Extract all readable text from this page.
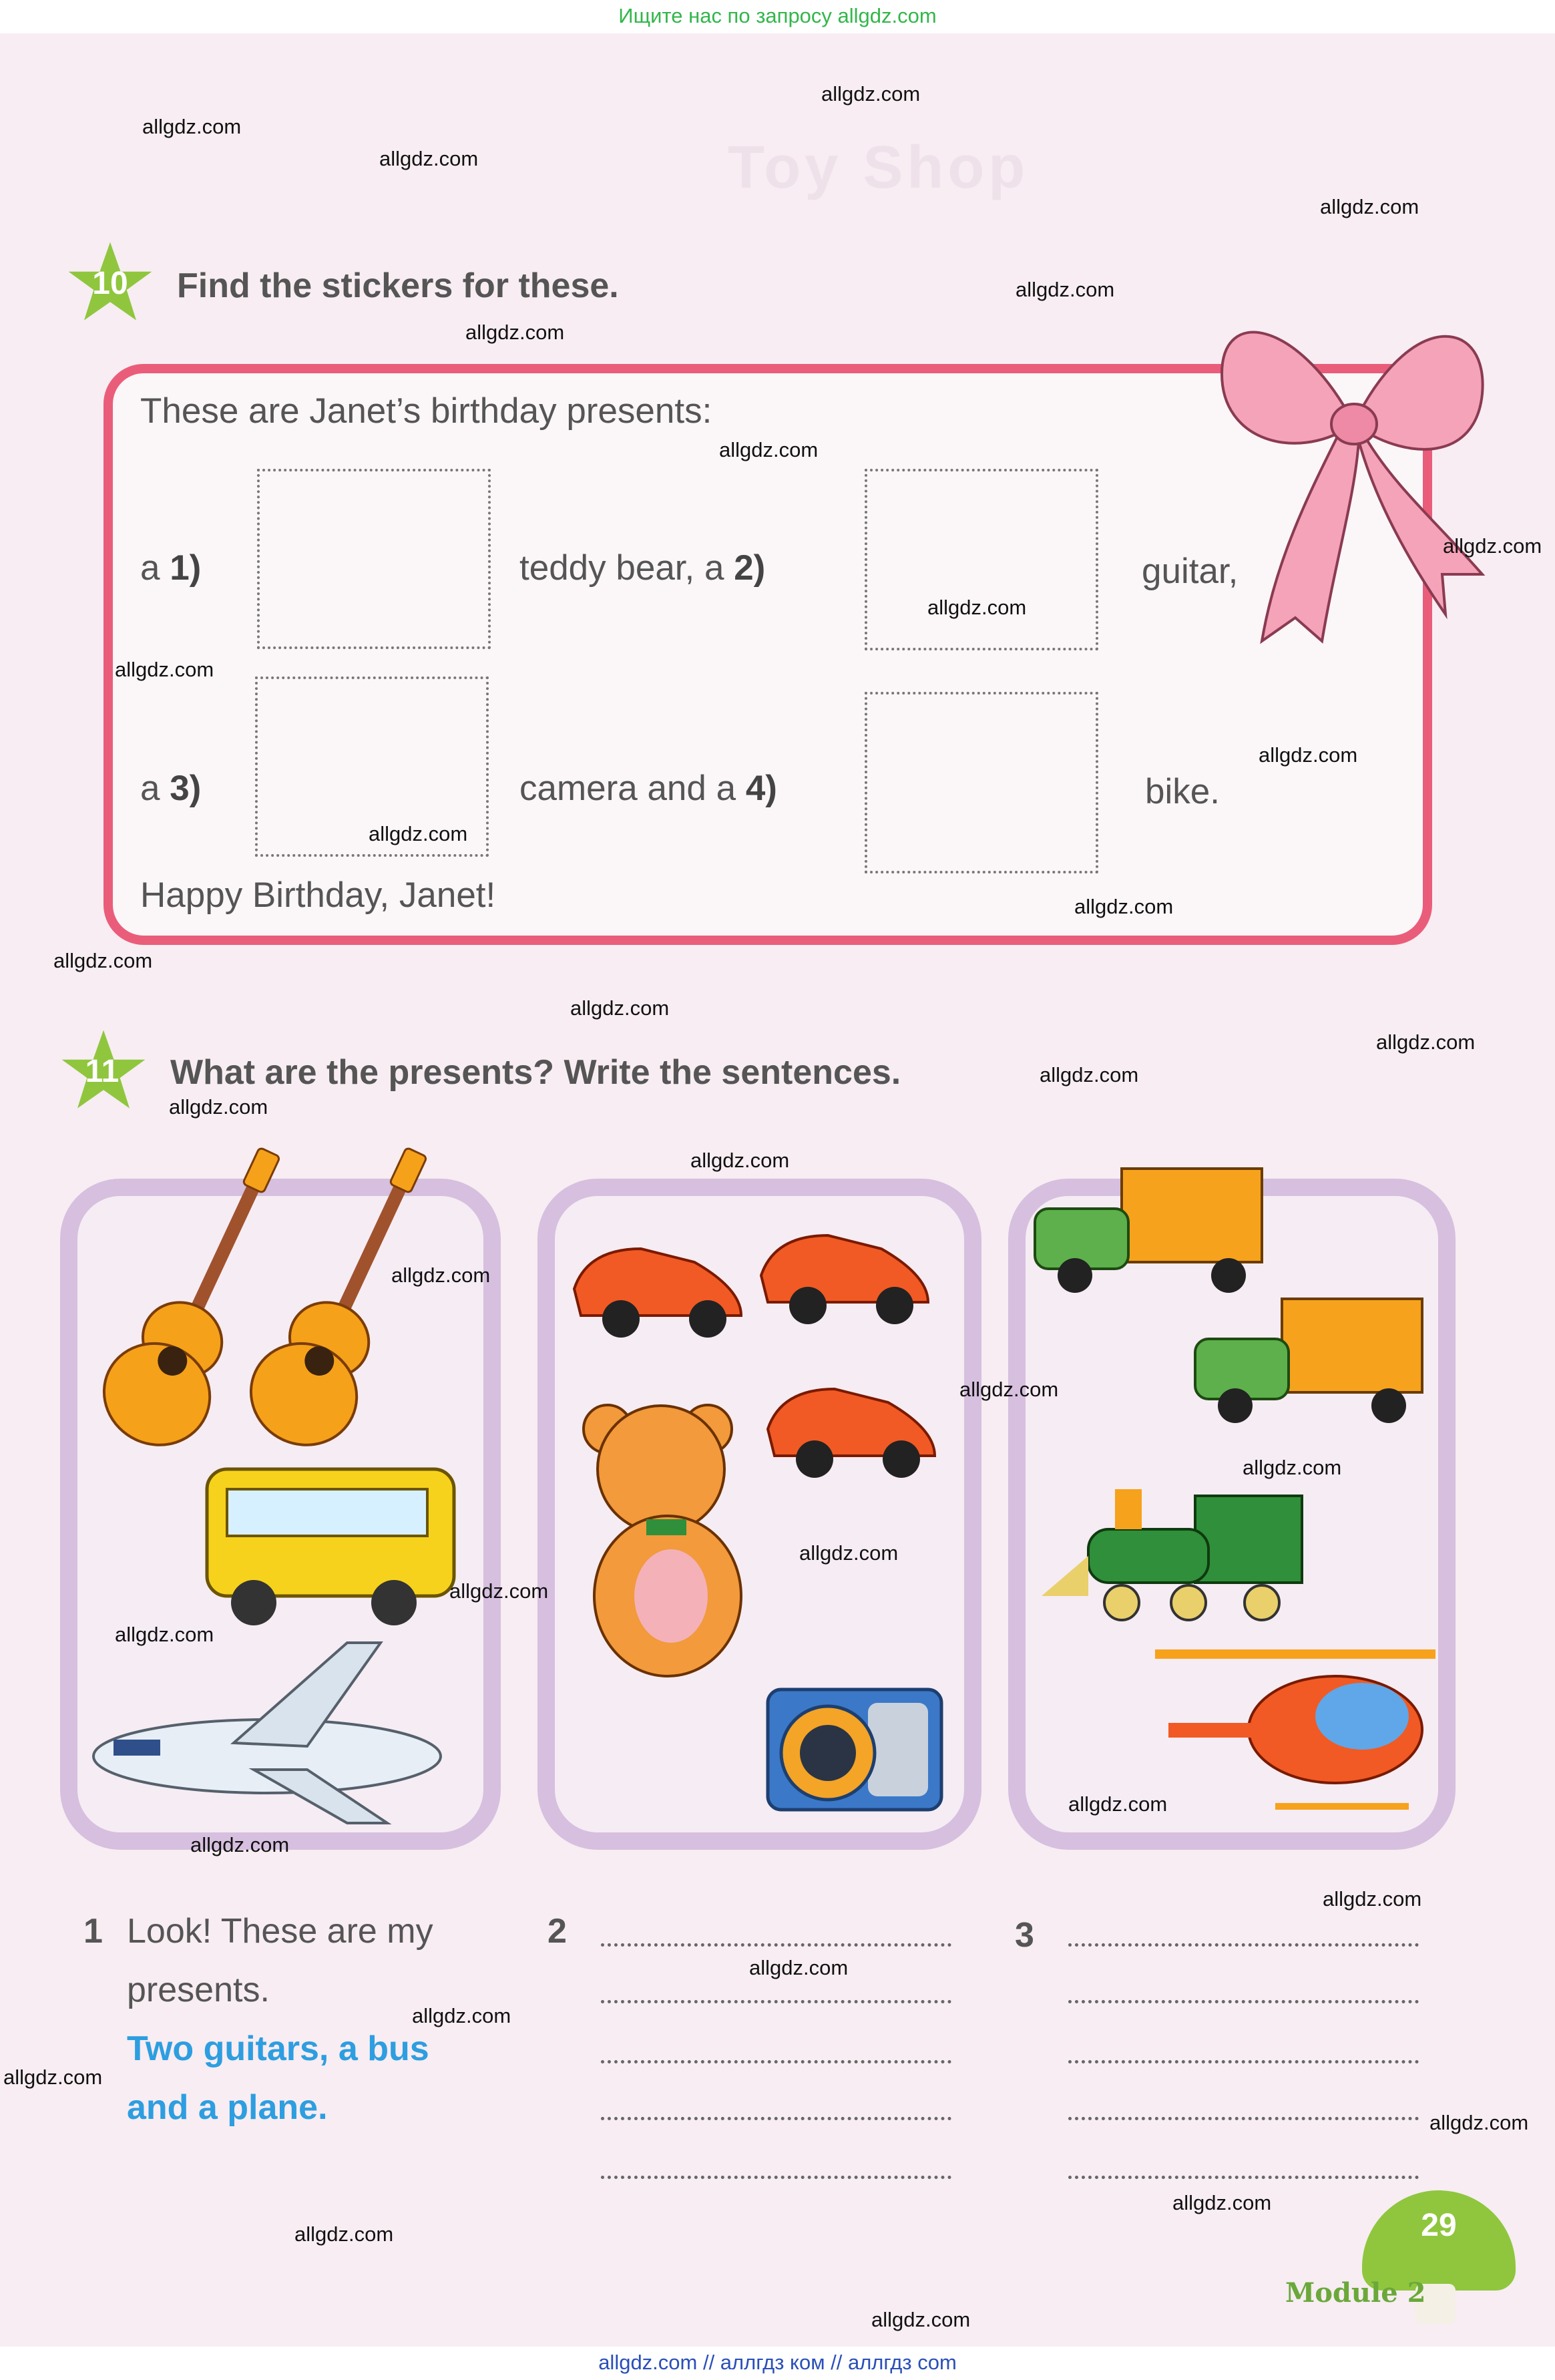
Ищите нас по запросу allgdz.com
allgdz.com // аллгдз ком // аллгдз com
Toy Shop
10	Find the stickers for these.
These are Janet’s birthday presents:
a 1)	teddy bear, a 2)	guitar,
a 3)	camera and a 4)	bike.
Happy Birthday, Janet!
11	What are the presents? Write the sentences.
1 Look! These are my
presents.
Two guitars, a bus
and a plane.
2	3
29
Module 2
allgdz.com
allgdz.com
allgdz.com
allgdz.com
allgdz.com
allgdz.com
allgdz.com
allgdz.com
allgdz.com
allgdz.com
allgdz.com
allgdz.com
allgdz.com
allgdz.com
allgdz.com
allgdz.com
allgdz.com
allgdz.com
allgdz.com
allgdz.com
allgdz.com
allgdz.com
allgdz.com
allgdz.com
allgdz.com
allgdz.com
allgdz.com
allgdz.com
allgdz.com
allgdz.com
allgdz.com
allgdz.com
allgdz.com
allgdz.com
allgdz.com
